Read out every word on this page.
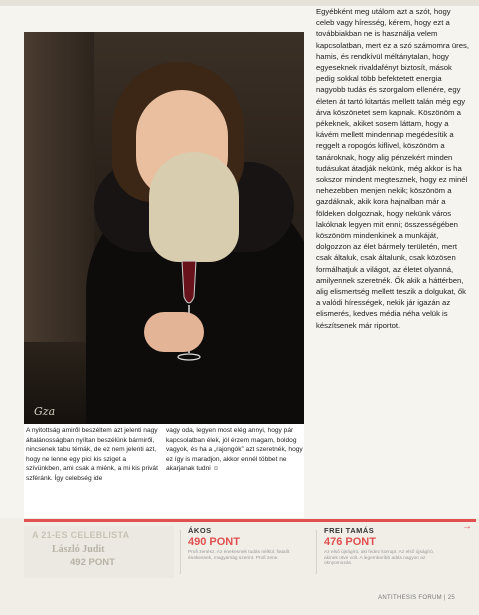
Gza
A nyitottság amiről beszéltem azt jelenti nagy általánosságban nyíltan beszélünk bármiről, nincsenek tabu témák, de ez nem jelenti azt, hogy ne lenne egy pici kis sziget a szívünkben, ami csak a miénk, a mi kis privát szféránk. Így celebség ide
vagy oda, legyen most elég annyi, hogy pár kapcsolatban élek, jól érzem magam, boldog vagyok, és ha a „rajongók” azt szeretnék, hogy ez így is maradjon, akkor ennél többet ne akarjanak tudni ☺

Egyébként meg utálom azt a szót, hogy celeb vagy híresség, kérem, hogy ezt a továbbiakban ne is használja velem kapcsolatban, mert ez a szó számomra üres, hamis, és rendkívül méltánytalan, hogy egyeseknek rivaldafényt biztosít, mások pedig sokkal több befektetett energia nagyobb tudás és szorgalom ellenére, egy életen át tartó kitartás mellett talán még egy árva köszönetet sem kapnak. Köszönöm a pékeknek, akiket sosem láttam, hogy a kávém mellett mindennap megédesítik a reggelt a ropogós kiflivel, köszönöm a tanároknak, hogy alig pénzekért minden tudásukat átadják nekünk, még akkor is ha sokszor mindent megtesznek, hogy ez minél nehezebben menjen nekik; köszönöm a gazdáknak, akik kora hajnalban már a földeken dolgoznak, hogy nekünk város lakóknak legyen mit enni; összességében köszönöm mindenkinek a munkáját, dolgozzon az élet bármely területén, mert csak általuk, csak általunk, csak közösen formálhatjuk a világot, az életet olyanná, amilyennek szeretnék. Ők akik a háttérben, alig elismertség mellett teszik a dolgukat, ők a valódi hírességek, nekik jár igazán az elismerés, kedves média néha velük is készítsenek már riportot.

→
A 21-ES CELEBLISTA
László Judit
492 PONT
ÁKOS
490 PONT
Profi zenész. Az énekesnek tudás nélkül, fiatalít énekesnek, magyarság szerint. Profi zene.
FREI TAMÁS
476 PONT
Az első újságíró, aki fedez korrupt. Az első újságíró, akinek ütve volt. A legemberibb adás nagyon az oknyomozás.
ANTITHESIS FORUM | 25
